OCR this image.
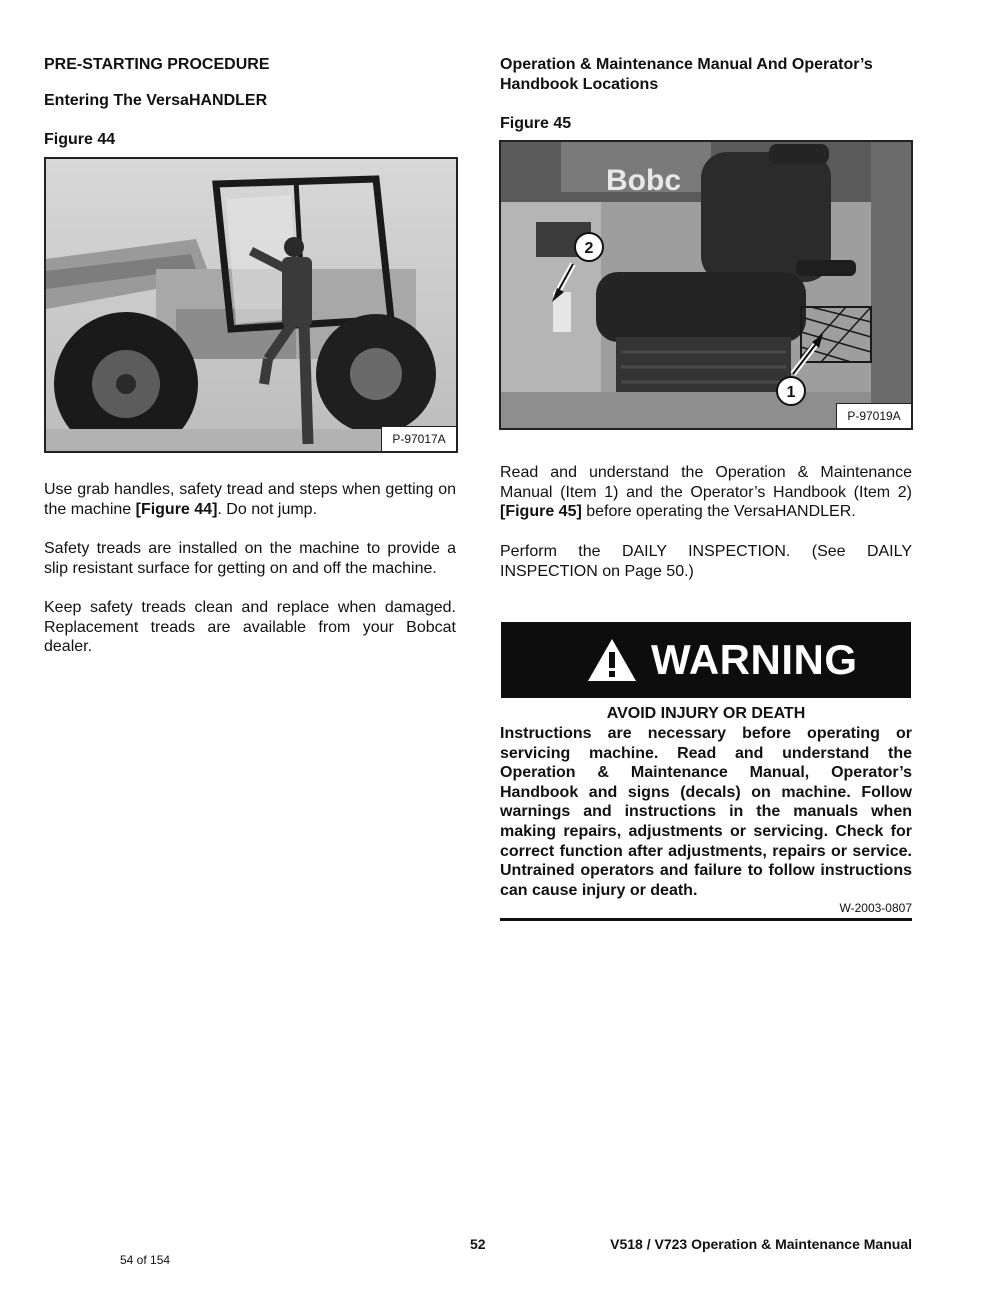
PRE-STARTING PROCEDURE
Entering The VersaHANDLER
Figure 44
P-97017A
Use grab handles, safety tread and steps when getting on the machine [Figure 44]. Do not jump.
Safety treads are installed on the machine to provide a slip resistant surface for getting on and off the machine.
Keep safety treads clean and replace when damaged. Replacement treads are available from your Bobcat dealer.
Operation & Maintenance Manual And Operator’s Handbook Locations
Figure 45
Bobc
2
1
P-97019A
Read and understand the Operation & Maintenance Manual (Item 1) and the Operator’s Handbook (Item 2) [Figure 45] before operating the VersaHANDLER.
Perform the DAILY INSPECTION. (See DAILY INSPECTION on Page 50.)
WARNING
AVOID INJURY OR DEATH
Instructions are necessary before operating or servicing machine. Read and understand the Operation & Maintenance Manual, Operator’s Handbook and signs (decals) on machine. Follow warnings and instructions in the manuals when making repairs, adjustments or servicing. Check for correct function after adjustments, repairs or service. Untrained operators and failure to follow instructions can cause injury or death.
W-2003-0807
52	V518 / V723 Operation & Maintenance Manual
54 of 154
